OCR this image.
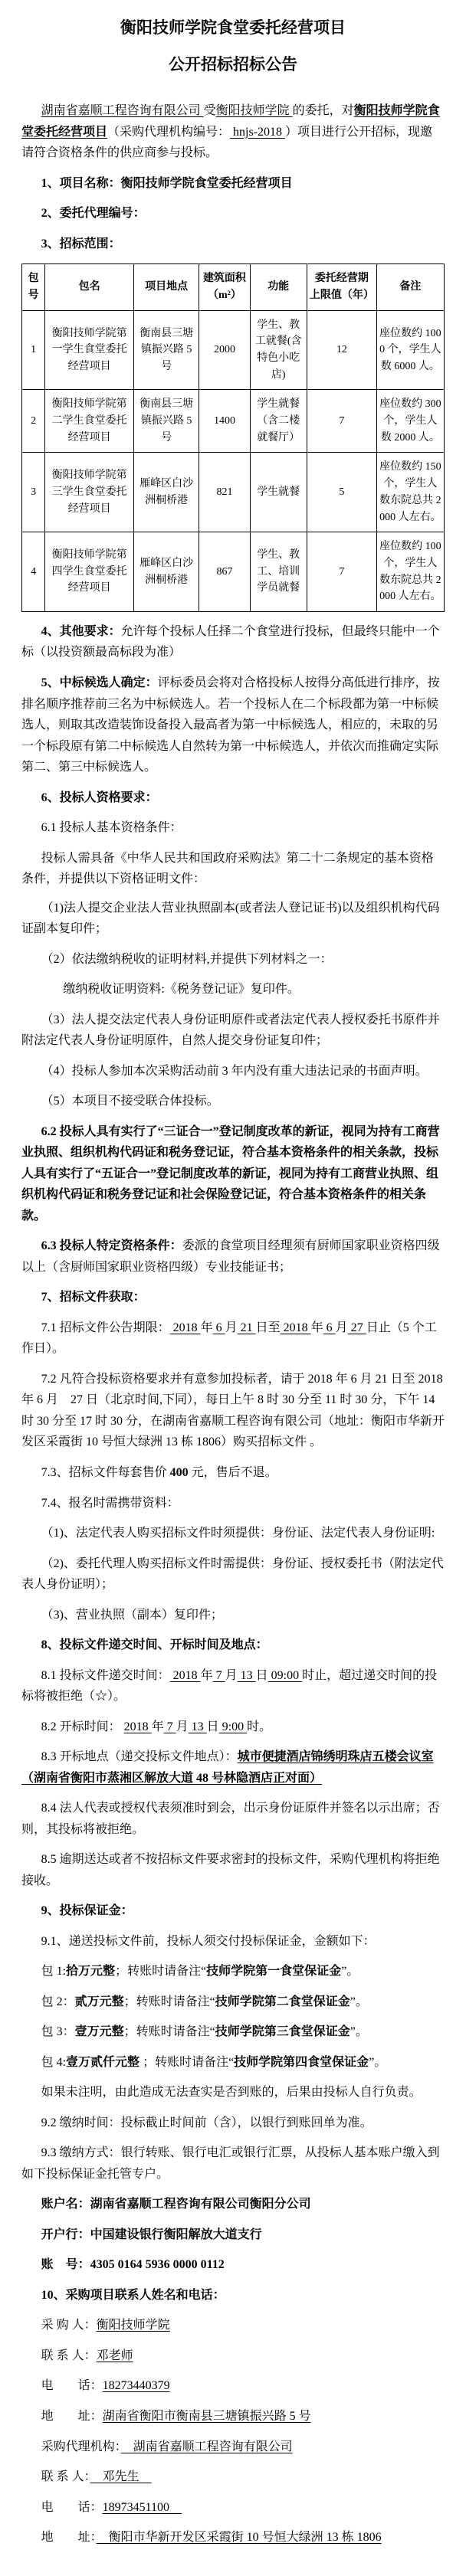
衡阳技师学院食堂委托经营项目
公开招标招标公告
湖南省嘉顺工程咨询有限公司 受衡阳技师学院 的委托，对衡阳技师学院食堂委托经营项目（采购代理机构编号： hnjs-2018 ）项目进行公开招标，现邀请符合资格条件的供应商参与投标。
1、项目名称：衡阳技师学院食堂委托经营项目
2、委托代理编号：
3、招标范围：
包号	包名	项目地点	建筑面积（m²）	功能	委托经营期上限值（年）	备注
1	衡阳技师学院第一学生食堂委托经营项目	衡南县三塘镇振兴路 5 号	2000	学生、教工就餐(含特色小吃店)	12	座位数约 1000 个，学生人数 6000 人。
2	衡阳技师学院第二学生食堂委托经营项目	衡南县三塘镇振兴路 5 号	1400	学生就餐（含二楼就餐厅）	7	座位数约 300 个，学生人数 2000 人。
3	衡阳技师学院第三学生食堂委托经营项目	雁峰区白沙洲桐桥港	821	学生就餐	5	座位数约 150 个，学生人数东院总共 2000 人左右。
4	衡阳技师学院第四学生食堂委托经营项目	雁峰区白沙洲桐桥港	867	学生、教工、培训学员就餐	7	座位数约 100 个，学生人数东院总共 2000 人左右。
4、其他要求：允许每个投标人任择二个食堂进行投标，但最终只能中一个标（以投资额最高标段为准）
5、中标候选人确定：评标委员会将对合格投标人按得分高低进行排序，按排名顺序推荐前三名为中标候选人。若一个投标人在二个标段都为第一中标候选人，则取其改造装饰设备投入最高者为第一中标候选人，相应的，未取的另一个标段原有第二中标候选人自然转为第一中标候选人，并依次而推确定实际第二、第三中标候选人。
6、投标人资格要求：
6.1 投标人基本资格条件：
投标人需具备《中华人民共和国政府采购法》第二十二条规定的基本资格条件，并提供以下资格证明文件：
（1)法人提交企业法人营业执照副本(或者法人登记证书)以及组织机构代码证副本复印件；
（2）依法缴纳税收的证明材料,并提供下列材料之一：
缴纳税收证明资料:《税务登记证》复印件。
（3）法人提交法定代表人身份证明原件或者法定代表人授权委托书原件并附法定代表人身份证明原件，自然人提交身份证复印件；
（4）投标人参加本次采购活动前 3 年内没有重大违法记录的书面声明。
（5）本项目不接受联合体投标。
6.2 投标人具有实行了“三证合一”登记制度改革的新证，视同为持有工商营业执照、组织机构代码证和税务登记证，符合基本资格条件的相关条款，投标人具有实行了“五证合一”登记制度改革的新证，视同为持有工商营业执照、组织机构代码证和税务登记证和社会保险登记证，符合基本资格条件的相关条款。
6.3 投标人特定资格条件：委派的食堂项目经理须有厨师国家职业资格四级以上（含厨师国家职业资格四级）专业技能证书；
7、招标文件获取：
7.1 招标文件公告期限： 2018 年 6 月 21 日至 2018 年 6 月 27 日止（5 个工作日）。
7.2 凡符合投标资格要求并有意参加投标者，请于 2018 年 6 月 21 日至 2018 年 6 月　27 日（北京时间,下同），每日上午 8 时 30 分至 11 时 30 分，下午 14 时 30 分至 17 时 30 分，在湖南省嘉顺工程咨询有限公司（地址：衡阳市华新开发区采霞街 10 号恒大绿洲 13 栋 1806）购买招标文件 。
7.3、招标文件每套售价 400 元，售后不退。
7.4、报名时需携带资料：
（1)、法定代表人购买招标文件时须提供：身份证、法定代表人身份证明:
（2)、委托代理人购买招标文件时需提供：身份证、授权委托书（附法定代表人身份证明）；
（3)、营业执照（副本）复印件；
8、投标文件递交时间、开标时间及地点：
8.1 投标文件递交时间： 2018 年 7 月 13 日 09:00 时止，超过递交时间的投标将被拒绝（☆）。
8.2 开标时间： 2018 年 7 月 13 日 9:00 时。
8.3 开标地点（递交投标文件地点）：城市便捷酒店锦绣明珠店五楼会议室（湖南省衡阳市蒸湘区解放大道 48 号林隐酒店正对面）
8.4 法人代表或授权代表须准时到会，出示身份证原件并签名以示出席；否则，其投标将被拒绝。
8.5 逾期送达或者不按招标文件要求密封的投标文件，采购代理机构将拒绝接收。
9、投标保证金：
9.1、递送投标文件前，投标人须交付投标保证金，金额如下：
包 1:拾万元整；转账时请备注“技师学院第一食堂保证金”。
包 2：贰万元整；转账时请备注“技师学院第二食堂保证金”。
包 3：壹万元整；转账时请备注“技师学院第三食堂保证金”。
包 4:壹万贰仟元整 ；转账时请备注“技师学院第四食堂保证金”。
如果未注明，由此造成无法查实是否到账的，后果由投标人自行负责。
9.2 缴纳时间：投标截止时间前（含），以银行到账回单为准。
9.3 缴纳方式：银行转账、银行电汇或银行汇票，从投标人基本账户缴入到如下投标保证金托管专户。
账户名：湖南省嘉顺工程咨询有限公司衡阳分公司
开户行：中国建设银行衡阳解放大道支行
账　号：4305 0164 5936 0000 0112
10、采购项目联系人姓名和电话：
采 购 人：衡阳技师学院
联 系 人：邓老师
电　　话：18273440379
地　　址：湖南省衡阳市衡南县三塘镇振兴路 5 号
采购代理机构：　湖南省嘉顺工程咨询有限公司
联 系 人：　邓先生　
电　　话：18973451100　
地　　址：　衡阳市华新开发区采霞街 10 号恒大绿洲 13 栋 1806
